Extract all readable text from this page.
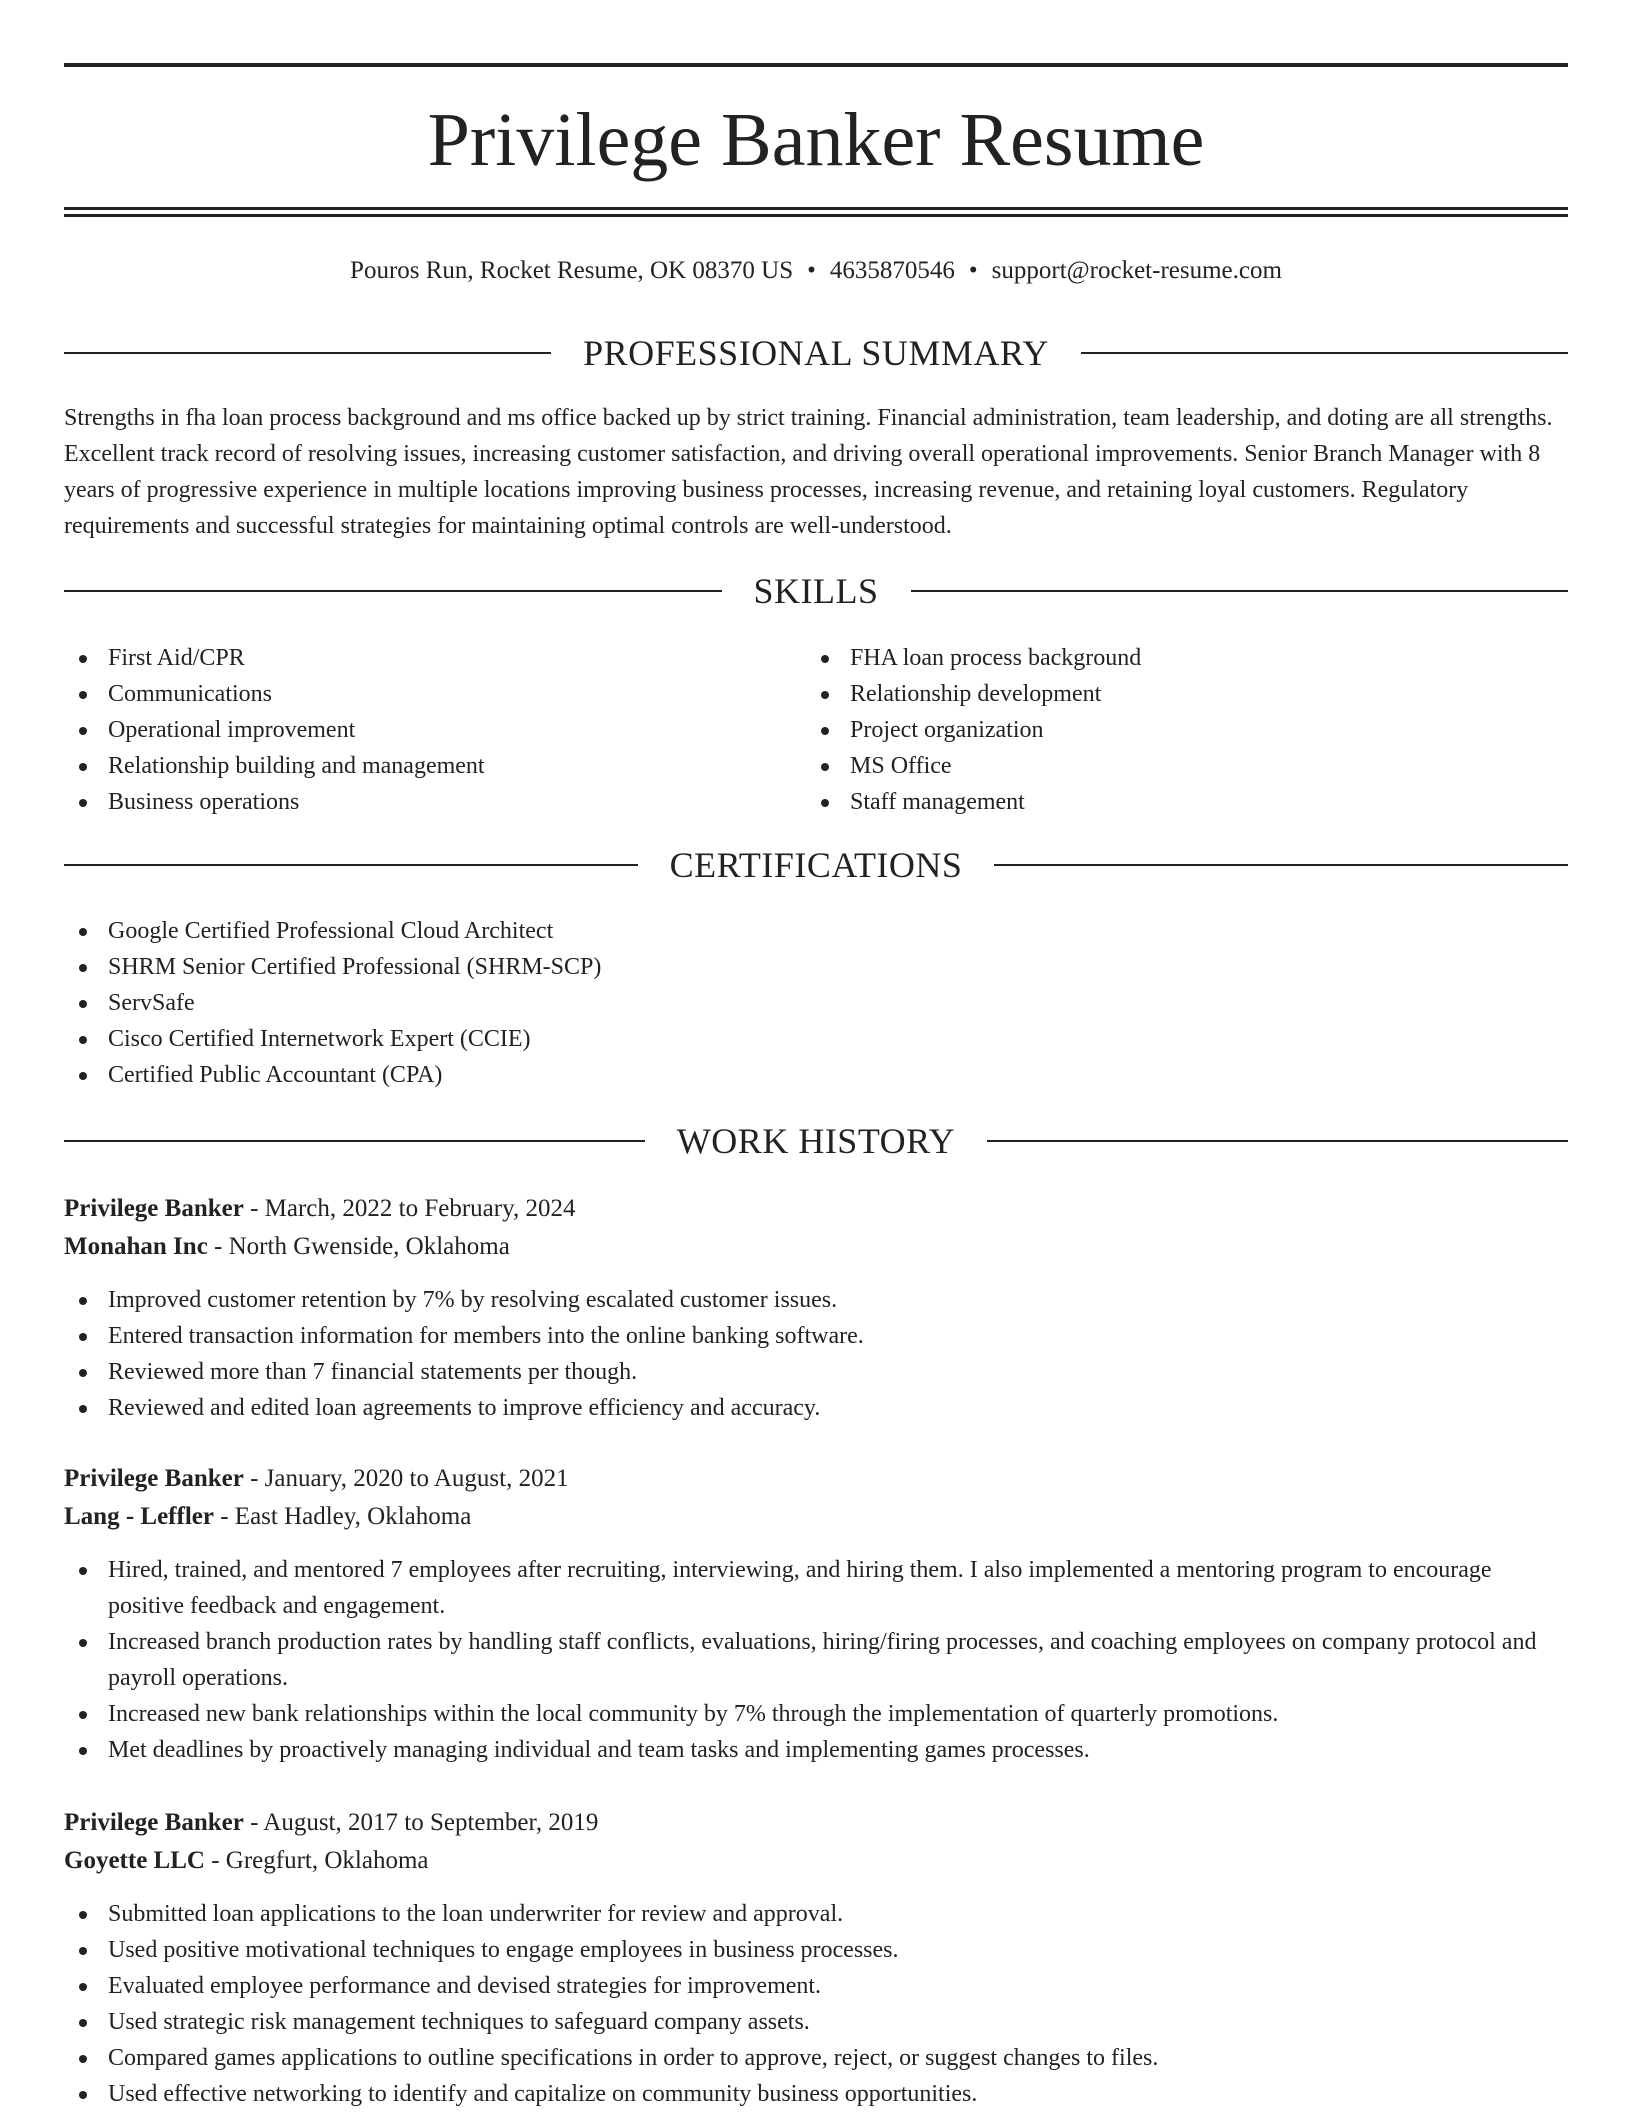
Privilege Banker Resume
Pouros Run, Rocket Resume, OK 08370 US • 4635870546 • support@rocket-resume.com
PROFESSIONAL SUMMARY

Strengths in fha loan process background and ms office backed up by strict training. Financial administration, team leadership, and doting are all strengths. Excellent track record of resolving issues, increasing customer satisfaction, and driving overall operational improvements. Senior Branch Manager with 8 years of progressive experience in multiple locations improving business processes, increasing revenue, and retaining loyal customers. Regulatory requirements and successful strategies for maintaining optimal controls are well-understood.

SKILLS
First Aid/CPR
Communications
Operational improvement
Relationship building and management
Business operations
FHA loan process background
Relationship development
Project organization
MS Office
Staff management
CERTIFICATIONS
Google Certified Professional Cloud Architect
SHRM Senior Certified Professional (SHRM-SCP)
ServSafe
Cisco Certified Internetwork Expert (CCIE)
Certified Public Accountant (CPA)
WORK HISTORY
Privilege Banker - March, 2022 to February, 2024
Monahan Inc - North Gwenside, Oklahoma
Improved customer retention by 7% by resolving escalated customer issues.
Entered transaction information for members into the online banking software.
Reviewed more than 7 financial statements per though.
Reviewed and edited loan agreements to improve efficiency and accuracy.
Privilege Banker - January, 2020 to August, 2021
Lang - Leffler - East Hadley, Oklahoma
Hired, trained, and mentored 7 employees after recruiting, interviewing, and hiring them. I also implemented a mentoring program to encourage positive feedback and engagement.
Increased branch production rates by handling staff conflicts, evaluations, hiring/firing processes, and coaching employees on company protocol and payroll operations.
Increased new bank relationships within the local community by 7% through the implementation of quarterly promotions.
Met deadlines by proactively managing individual and team tasks and implementing games processes.
Privilege Banker - August, 2017 to September, 2019
Goyette LLC - Gregfurt, Oklahoma
Submitted loan applications to the loan underwriter for review and approval.
Used positive motivational techniques to engage employees in business processes.
Evaluated employee performance and devised strategies for improvement.
Used strategic risk management techniques to safeguard company assets.
Compared games applications to outline specifications in order to approve, reject, or suggest changes to files.
Used effective networking to identify and capitalize on community business opportunities.
